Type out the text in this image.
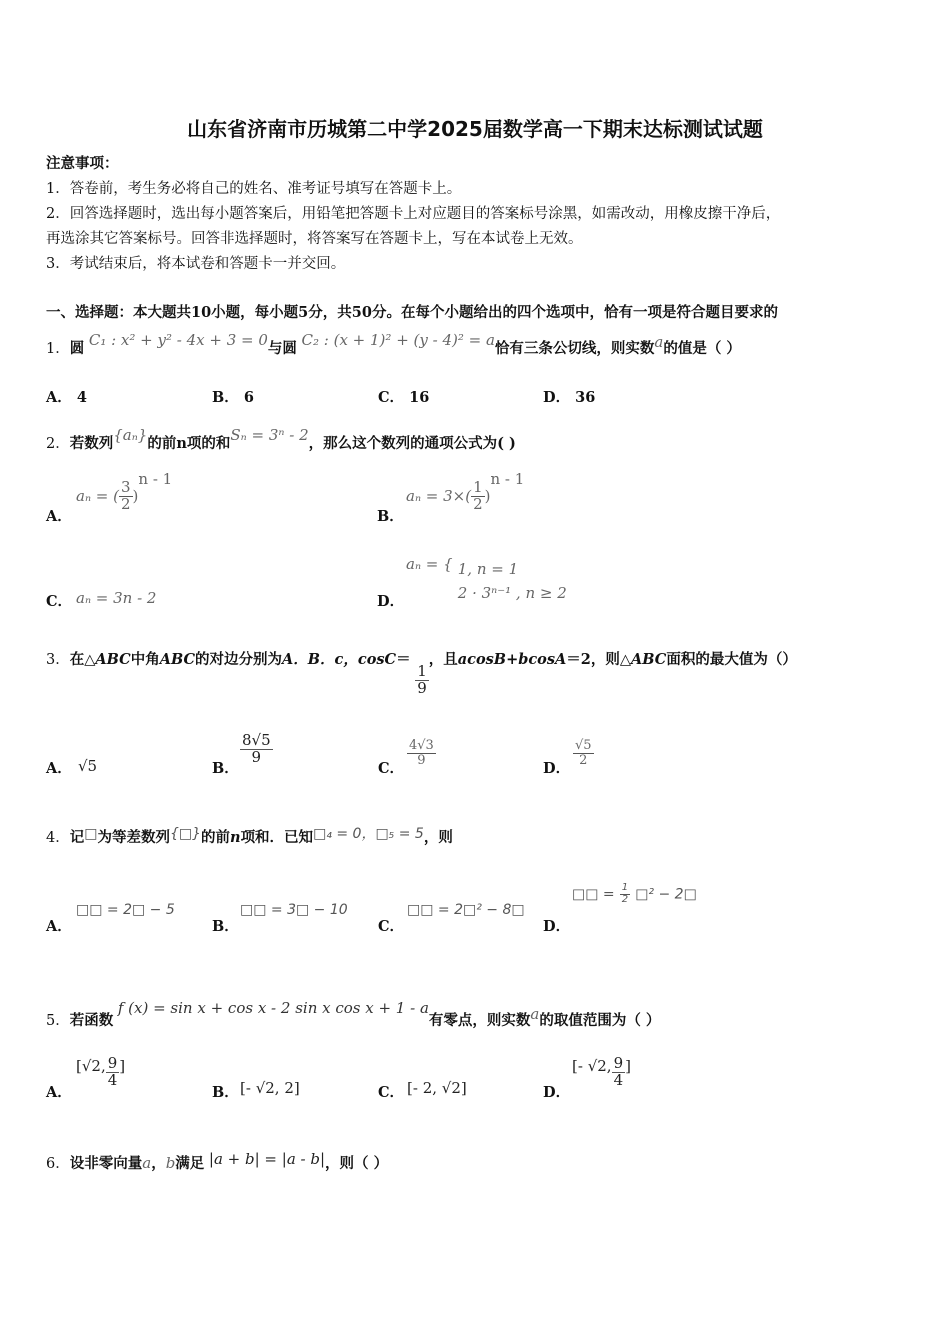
山东省济南市历城第二中学2025届数学高一下期末达标测试试题
注意事项：
1．答卷前，考生务必将自己的姓名、准考证号填写在答题卡上。
2．回答选择题时，选出每小题答案后，用铅笔把答题卡上对应题目的答案标号涂黑，如需改动，用橡皮擦干净后，
再选涂其它答案标号。回答非选择题时，将答案写在答题卡上，写在本试卷上无效。
3．考试结束后，将本试卷和答题卡一并交回。
一、选择题：本大题共10小题，每小题5分，共50分。在每个小题给出的四个选项中，恰有一项是符合题目要求的
1．圆 C₁ : x² + y² - 4x + 3 = 0与圆 C₂ : (x + 1)² + (y - 4)² = a恰有三条公切线，则实数a的值是（ ）
A． 4	B． 6	C． 16	D． 36
2．若数列{aₙ}的前n项的和Sₙ = 3ⁿ - 2，那么这个数列的通项公式为( )
A．
aₙ = ( $\frac{3}{2} )^{n - 1}$
B．
$a_n = 3\times( \frac{1}{2} )^{n - 1}$
C． aₙ = 3n - 2	D．
aₙ = { 1, n = 1
2 · 3ⁿ⁻¹ , n ≥ 2
3．在△ABC中角ABC的对边分别为A．B．c，cosC＝
$\frac{1}{9}$
，且acosB+bcosA＝2，则△ABC面积的最大值为（）
A． √5	B．
$\frac{8√5}{9}$
C．
$\frac{4√3}{9}$
D．
$\frac{√5}{2}$
4．记□为等差数列{□}的前n项和．已知□₄ = 0，□₅ = 5，则
A．
□□ = 2□ − 5
B．
□□ = 3□ − 10
C．
□□ = 2□² − 8□
D．
□□ = $\frac{1}{2}$ □² − 2□
5．若函数 f (x) = sin x + cos x - 2 sin x cos x + 1 - a有零点，则实数a的取值范围为（ ）
A．
[√2, $\frac{9}{4}$ ]
B． [- √2, 2]	C． [- 2, √2]	D．
[- √2, $\frac{9}{4}$ ]
6．设非零向量a，b满足 |a + b| = |a - b|，则（ ）
